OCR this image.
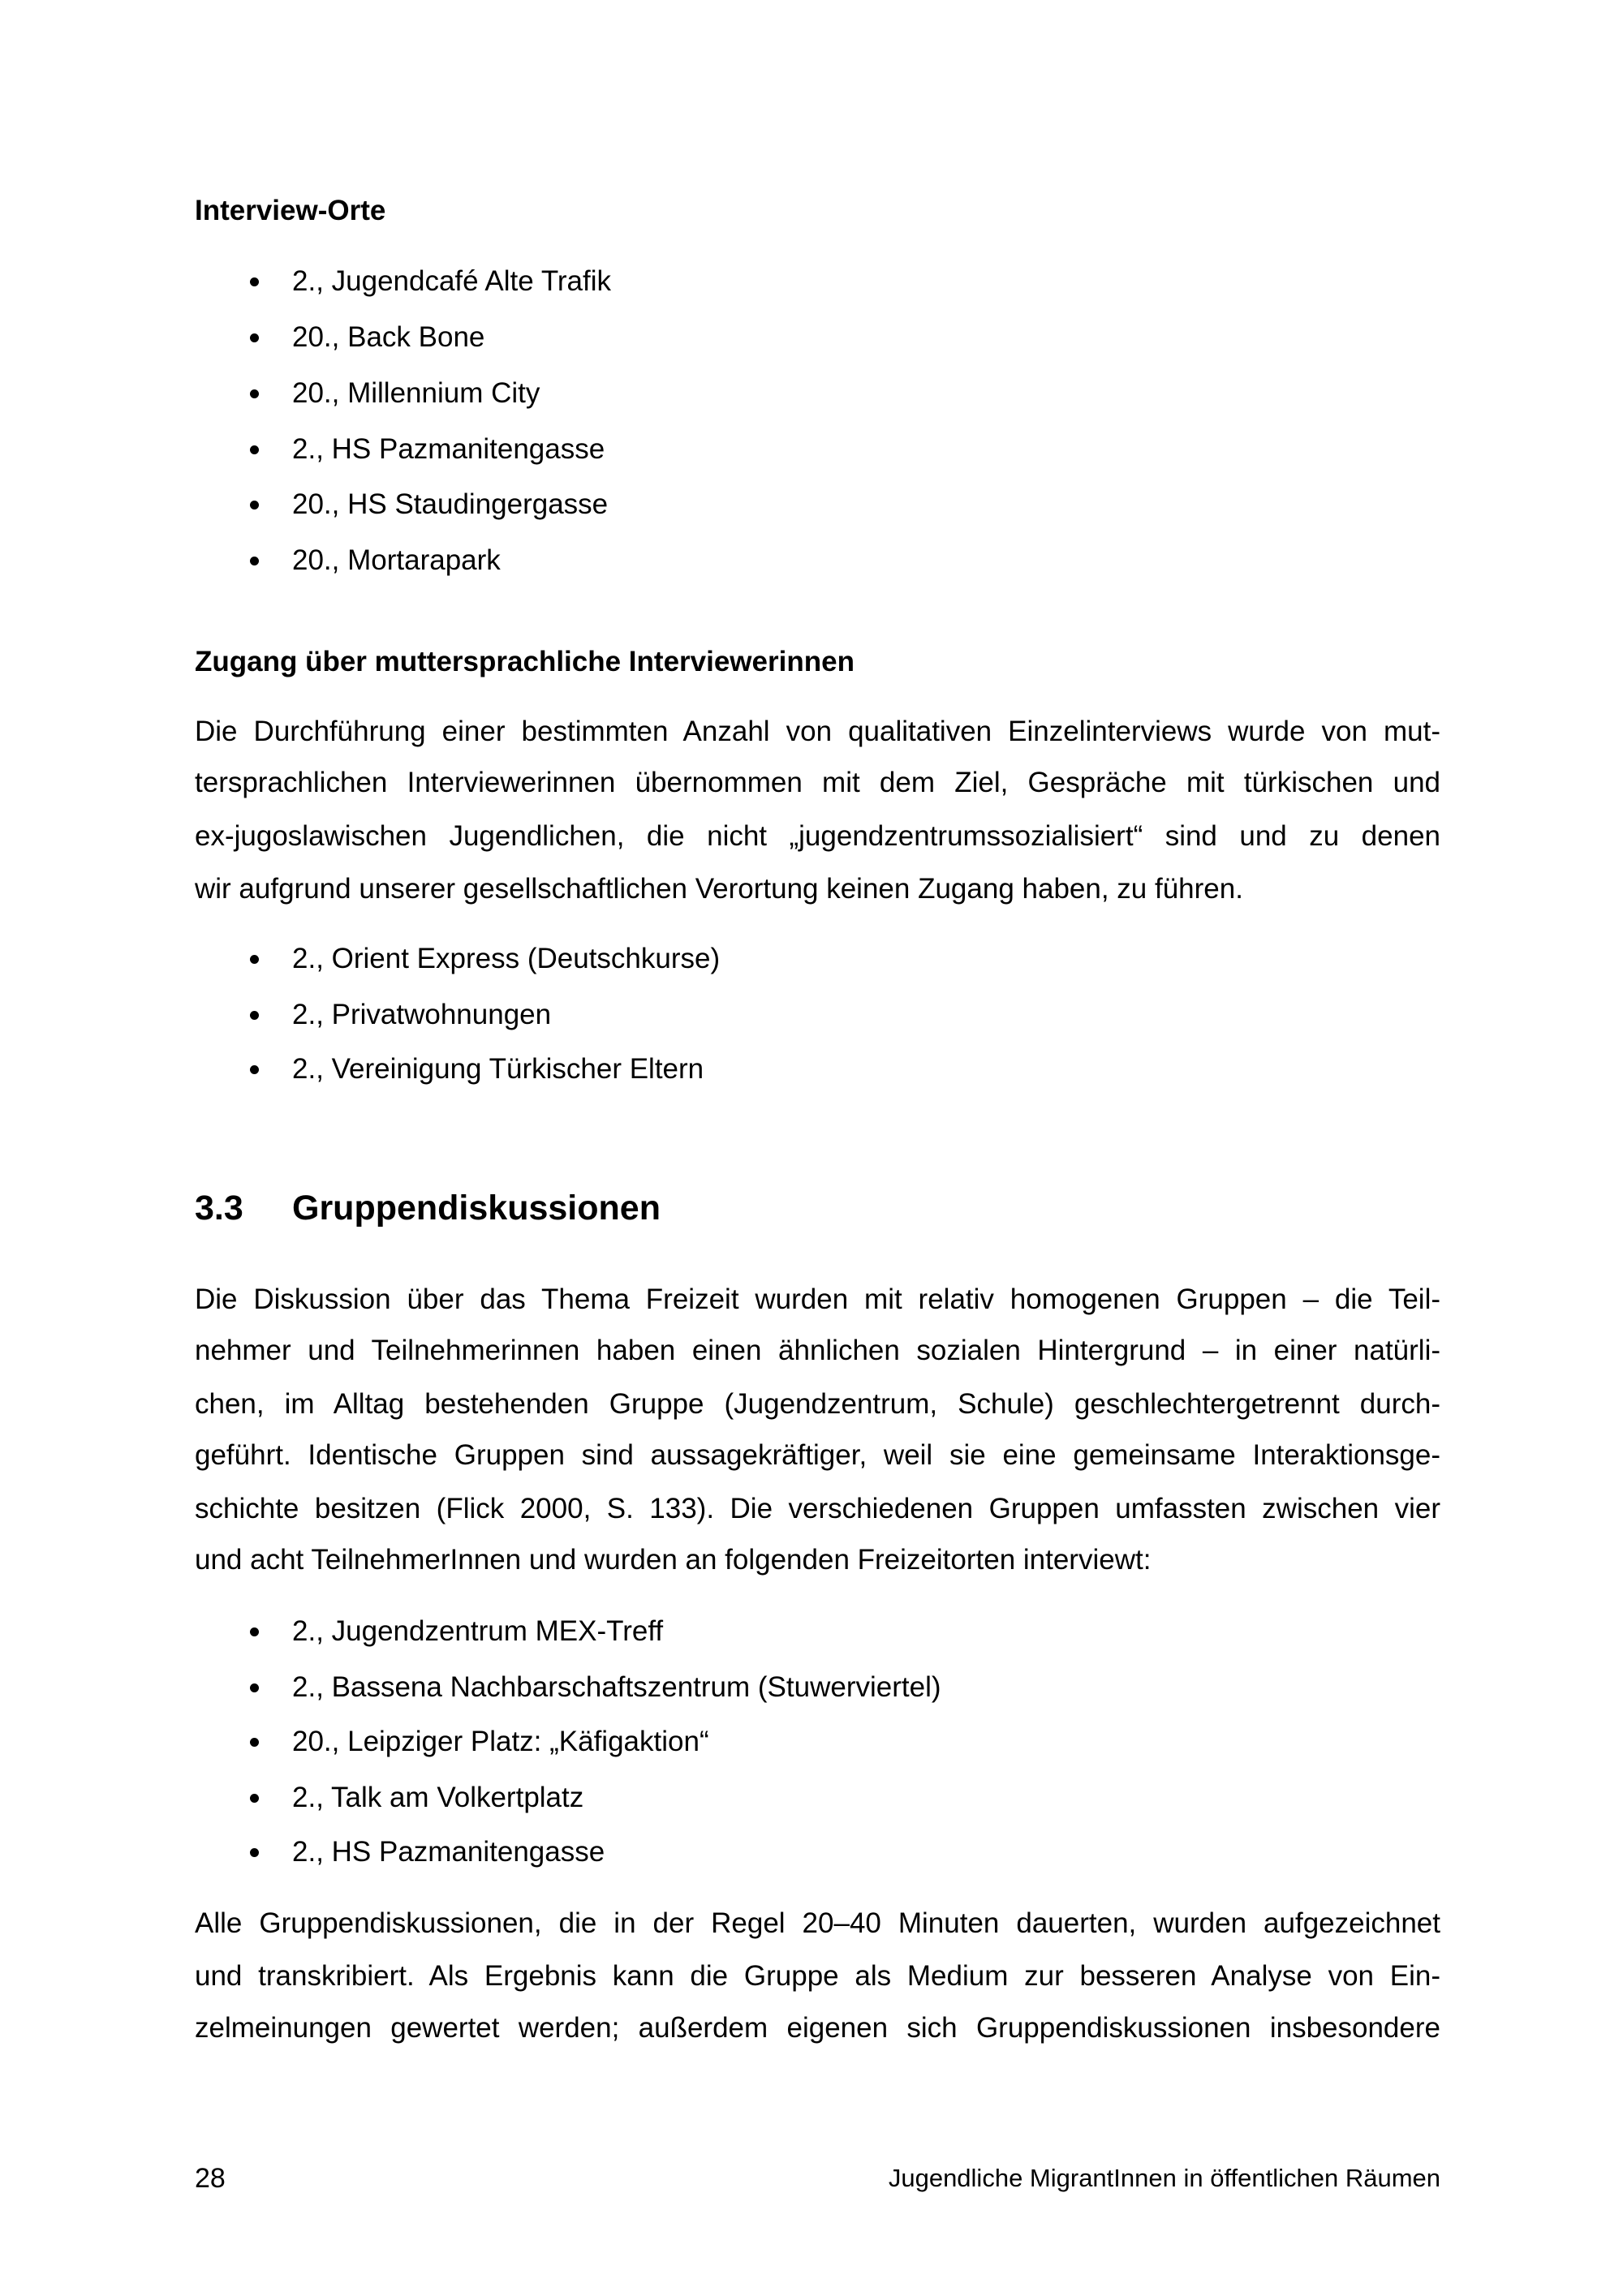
Interview-Orte
2., Jugendcafé Alte Trafik
20., Back Bone
20., Millennium City
2., HS Pazmanitengasse
20., HS Staudingergasse
20., Mortarapark
Zugang über muttersprachliche Interviewerinnen
Die Durchführung einer bestimmten Anzahl von qualitativen Einzelinterviews wurde von mut-
tersprachlichen Interviewerinnen übernommen mit dem Ziel, Gespräche mit türkischen und
ex-jugoslawischen Jugendlichen, die nicht „jugendzentrumssozialisiert“ sind und zu denen
wir aufgrund unserer gesellschaftlichen Verortung keinen Zugang haben, zu führen.
2., Orient Express (Deutschkurse)
2., Privatwohnungen
2., Vereinigung Türkischer Eltern
3.3 Gruppendiskussionen
Die Diskussion über das Thema Freizeit wurden mit relativ homogenen Gruppen – die Teil-
nehmer und Teilnehmerinnen haben einen ähnlichen sozialen Hintergrund – in einer natürli-
chen, im Alltag bestehenden Gruppe (Jugendzentrum, Schule) geschlechtergetrennt durch-
geführt. Identische Gruppen sind aussagekräftiger, weil sie eine gemeinsame Interaktionsge-
schichte besitzen (Flick 2000, S. 133). Die verschiedenen Gruppen umfassten zwischen vier
und acht TeilnehmerInnen und wurden an folgenden Freizeitorten interviewt:
2., Jugendzentrum MEX-Treff
2., Bassena Nachbarschaftszentrum (Stuwerviertel)
20., Leipziger Platz: „Käfigaktion“
2., Talk am Volkertplatz
2., HS Pazmanitengasse
Alle Gruppendiskussionen, die in der Regel 20–40 Minuten dauerten, wurden aufgezeichnet
und transkribiert. Als Ergebnis kann die Gruppe als Medium zur besseren Analyse von Ein-
zelmeinungen gewertet werden; außerdem eigenen sich Gruppendiskussionen insbesondere
28	Jugendliche MigrantInnen in öffentlichen Räumen
